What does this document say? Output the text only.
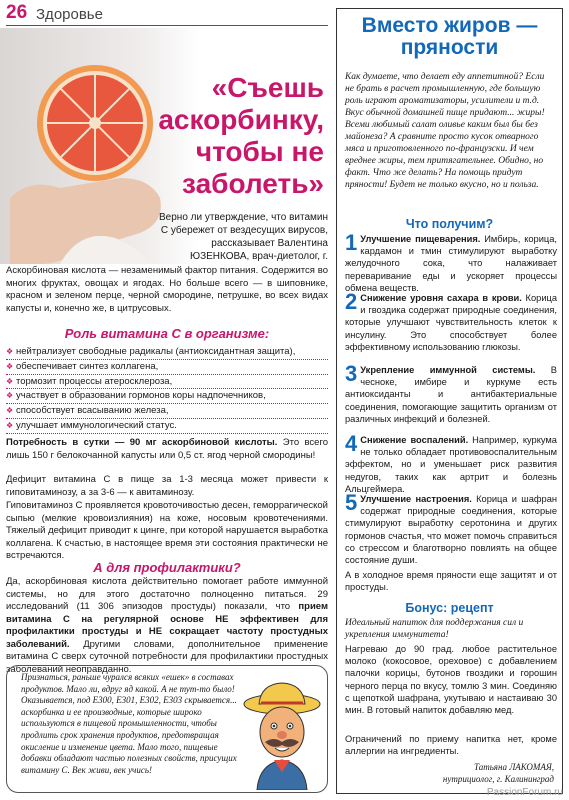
26 Здоровье
«Съешь аскорбинку, чтобы не заболеть»
Верно ли утверждение, что витамин С убережет от вездесущих вирусов, рассказывает Валентина ЮЗЕНКОВА, врач-диетолог, г.
Аскорбиновая кислота — незаменимый фактор питания. Содержится во многих фруктах, овощах и ягодах. Но больше всего — в шиповнике, красном и зеленом перце, черной смородине, петрушке, во всех видах капусты и, конечно же, в цитрусовых.
Роль витамина С в организме:
❖ нейтрализует свободные радикалы (антиоксидантная защита),
❖ обеспечивает синтез коллагена,
❖ тормозит процессы атеросклероза,
❖ участвует в образовании гормонов коры надпочечников,
❖ способствует всасыванию железа,
❖ улучшает иммунологический статус.
Потребность в сутки — 90 мг аскорбиновой кислоты. Это всего лишь 150 г белокочанной капусты или 0,5 ст. ягод черной смородины!
Дефицит витамина С в пище за 1-3 месяца может привести к гиповитаминозу, а за 3-6 — к авитаминозу.
Гиповитаминоз С проявляется кровоточивостью десен, геморрагической сыпью (мелкие кровоизлияния) на коже, носовым кровотечениями. Тяжелый дефицит приводит к цинге, при которой нарушается выработка коллагена. К счастью, в настоящее время эти состояния практически не встречаются.
А для профилактики?
Да, аскорбиновая кислота действительно помогает работе иммунной системы, но для этого достаточно полноценно питаться. 29 исследований (11 306 эпизодов простуды) показали, что прием витамина С на регулярной основе НЕ эффективен для профилактики простуды и НЕ сокращает частоту простудных заболеваний. Другими словами, дополнительное применение витамина С сверх суточной потребности для профилактики простудных заболеваний неоправданно.
Признаться, раньше чурался всяких «ешек» в составах продуктов. Мало ли, вдруг яд какой. А не тут-то было! Оказывается, под Е300, Е301, Е302, Е303 скрывается... аскорбинка и ее производные, которые широко используются в пищевой промышленности, чтобы продлить срок хранения продуктов, предотвращая окисление и изменение цвета. Мало того, пищевые добавки обладают частью полезных свойств, присущих витамину С. Век живи, век учись!
Вместо жиров — пряности
Как думаете, что делает еду аппетитной? Если не брать в расчет промышленную, где большую роль играют ароматизаторы, усилители и т.д. Вкус обычной домашней пище придают... жиры! Всеми любимый салат оливье каким был бы без майонеза? А сравните просто кусок отварного мяса и приготовленного по-французски. И чем вреднее жиры, тем притягательнее. Обидно, но факт. Что же делать? На помощь придут пряности! Будет не только вкусно, но и польза.
Что получим?
1 Улучшение пищеварения. Имбирь, корица, кардамон и тмин стимулируют выработку желудочного сока, что налаживает переваривание еды и ускоряет процессы обмена веществ.
2 Снижение уровня сахара в крови. Корица и гвоздика содержат природные соединения, которые улучшают чувствительность клеток к инсулину. Это способствует более эффективному использованию глюкозы.
3 Укрепление иммунной системы. В чесноке, имбире и куркуме есть антиоксиданты и антибактериальные соединения, помогающие защитить организм от различных инфекций и болезней.
4 Снижение воспалений. Например, куркума не только обладает противовоспалительным эффектом, но и уменьшает риск развития недугов, таких как артрит и болезнь Альцгеймера.
5 Улучшение настроения. Корица и шафран содержат природные соединения, которые стимулируют выработку серотонина и других гормонов счастья, что может помочь справиться со стрессом и благотворно повлиять на общее состояние души.
А в холодное время пряности еще защитят и от простуды.
Бонус: рецепт
Идеальный напиток для поддержания сил и укрепления иммунитета!
Нагреваю до 90 град. любое растительное молоко (кокосовое, ореховое) с добавлением палочки корицы, бутонов гвоздики и горошин черного перца по вкусу, томлю 3 мин. Соединяю с щепоткой шафрана, укутываю и настаиваю 30 мин. В готовый напиток добавляю мед.
Ограничений по приему напитка нет, кроме аллергии на ингредиенты.
Татьяна ЛАКОМАЯ,
нутрициолог, г. Калининград
PassionForum.ru
